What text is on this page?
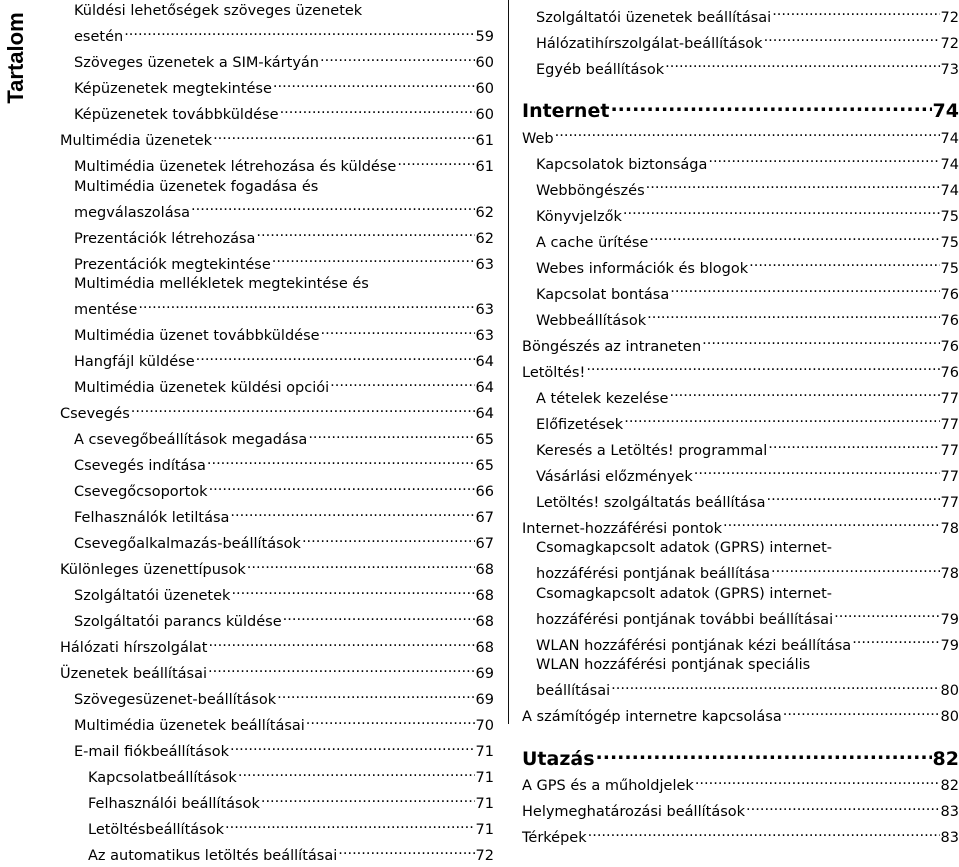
Tartalom
Küldési lehetőségek szöveges üzenetek
esetén .....	59
Szöveges üzenetek a SIM-kártyán .....	60
Képüzenetek megtekintése .....	60
Képüzenetek továbbküldése .....	60
Multimédia üzenetek .....	61
Multimédia üzenetek létrehozása és küldése .....	61
Multimédia üzenetek fogadása és
megválaszolása .....	62
Prezentációk létrehozása .....	62
Prezentációk megtekintése .....	63
Multimédia mellékletek megtekintése és
mentése .....	63
Multimédia üzenet továbbküldése .....	63
Hangfájl küldése .....	64
Multimédia üzenetek küldési opciói .....	64
Csevegés .....	64
A csevegőbeállítások megadása .....	65
Csevegés indítása .....	65
Csevegőcsoportok .....	66
Felhasználók letiltása .....	67
Csevegőalkalmazás-beállítások .....	67
Különleges üzenettípusok .....	68
Szolgáltatói üzenetek .....	68
Szolgáltatói parancs küldése .....	68
Hálózati hírszolgálat .....	68
Üzenetek beállításai .....	69
Szövegesüzenet-beállítások .....	69
Multimédia üzenetek beállításai .....	70
E-mail fiókbeállítások .....	71
Kapcsolatbeállítások .....	71
Felhasználói beállítások .....	71
Letöltésbeállítások .....	71
Az automatikus letöltés beállításai .....	72
Szolgáltatói üzenetek beállításai .....	72
Hálózatihírszolgálat-beállítások .....	72
Egyéb beállítások .....	73
Internet .....	74
Web .....	74
Kapcsolatok biztonsága .....	74
Webböngészés .....	74
Könyvjelzők .....	75
A cache ürítése .....	75
Webes információk és blogok .....	75
Kapcsolat bontása .....	76
Webbeállítások .....	76
Böngészés az intraneten .....	76
Letöltés! .....	76
A tételek kezelése .....	77
Előfizetések .....	77
Keresés a Letöltés! programmal .....	77
Vásárlási előzmények .....	77
Letöltés! szolgáltatás beállítása .....	77
Internet-hozzáférési pontok .....	78
Csomagkapcsolt adatok (GPRS) internet-
hozzáférési pontjának beállítása .....	78
Csomagkapcsolt adatok (GPRS) internet-
hozzáférési pontjának további beállításai .....	79
WLAN hozzáférési pontjának kézi beállítása .....	79
WLAN hozzáférési pontjának speciális
beállításai .....	80
A számítógép internetre kapcsolása .....	80
Utazás .....	82
A GPS és a műholdjelek .....	82
Helymeghatározási beállítások .....	83
Térképek .....	83
